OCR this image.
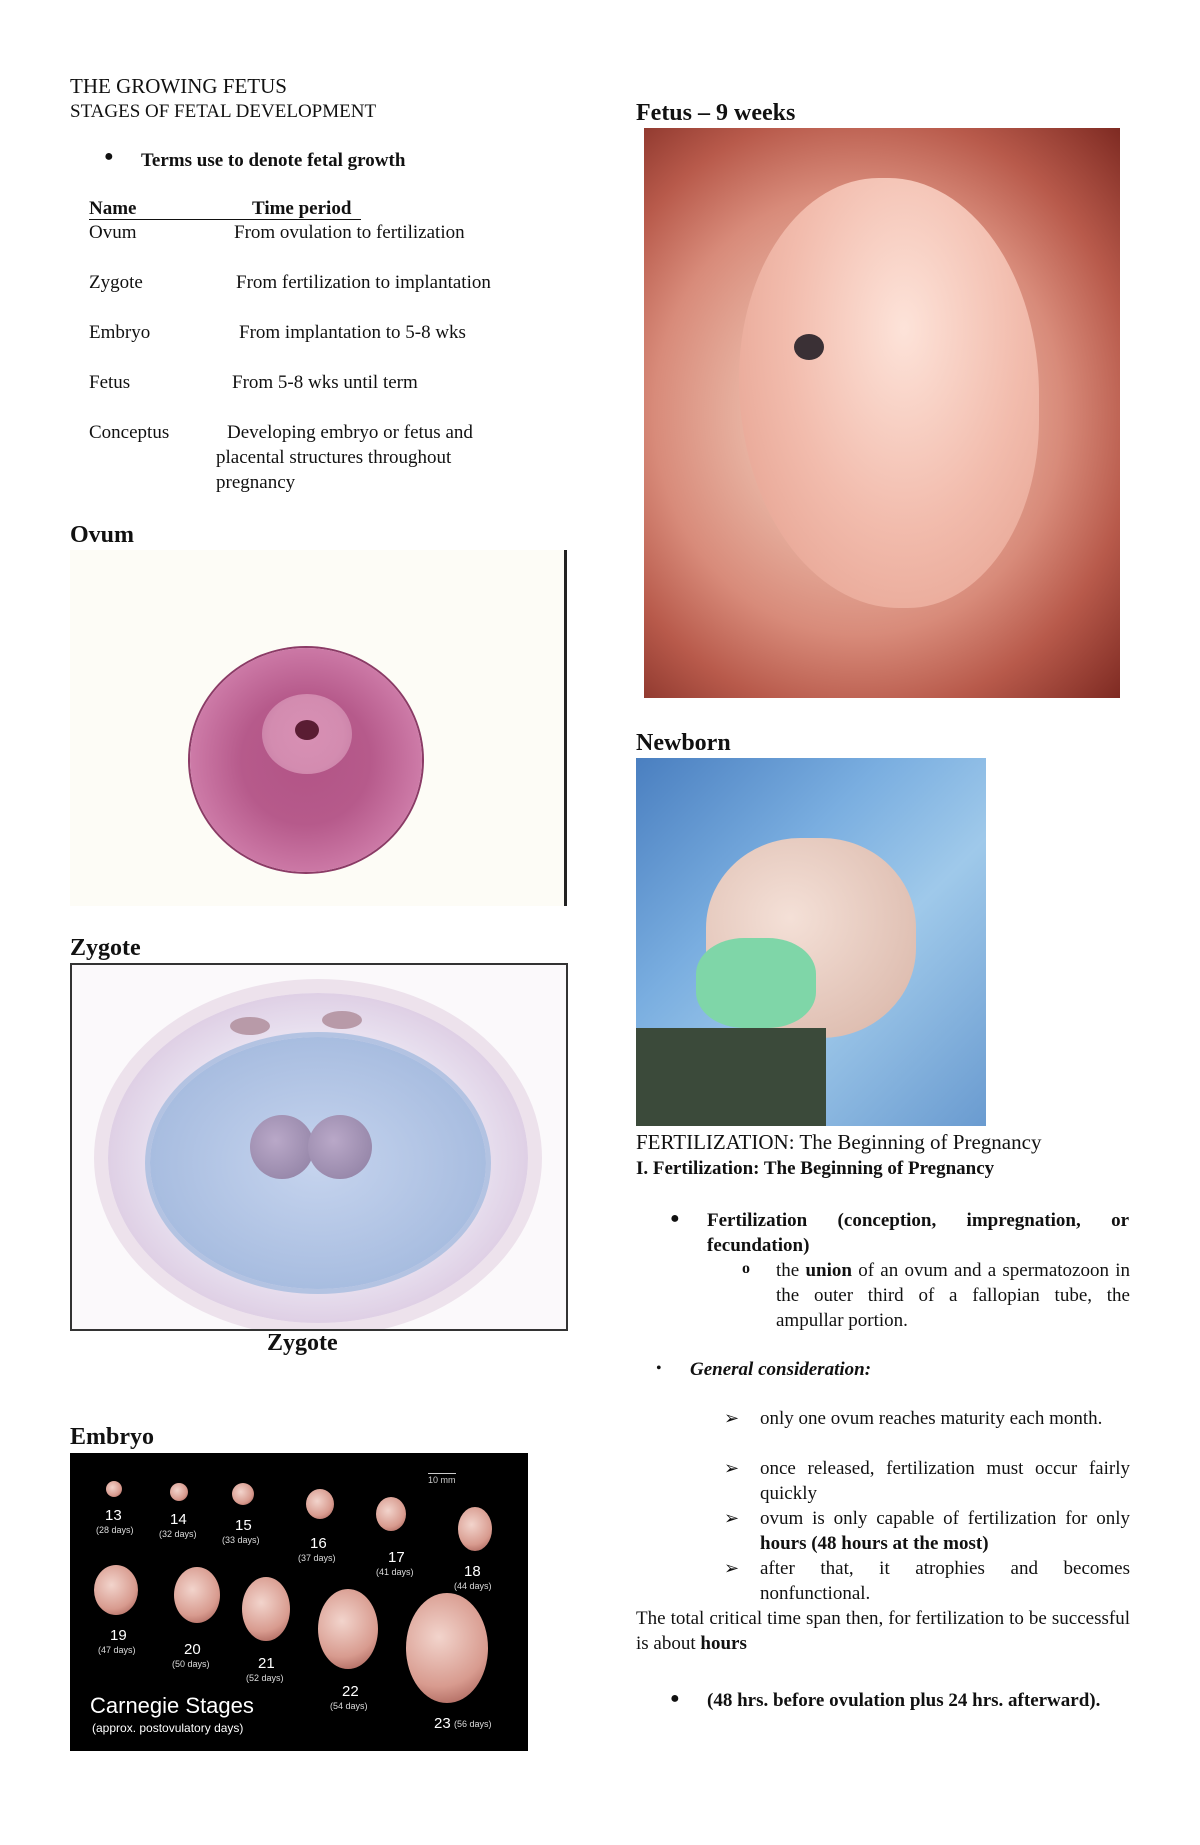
THE GROWING FETUS
STAGES OF FETAL DEVELOPMENT
● Terms use to denote fetal growth
Name	Time period
Ovum	From ovulation to fertilization
Zygote	From fertilization to implantation
Embryo	From implantation to 5-8 wks
Fetus	From 5-8 wks until term
Conceptus	Developing embryo or fetus and
placental structures throughout
pregnancy
Ovum
Zygote
Zygote
Embryo
10 mm
13
(28 days)
14
(32 days)	15
(33 days)	16
(37 days)	17
(41 days)	18
(44 days)
19
(47 days)	20
(50 days)	21
(52 days)
22
(54 days)
23 (56 days)
Carnegie Stages
(approx. postovulatory days)
Fetus – 9 weeks
Newborn
FERTILIZATION: The Beginning of Pregnancy
I. Fertilization: The Beginning of Pregnancy
● Fertilization (conception, impregnation, or fecundation)
o the union of an ovum and a spermatozoon in the outer third of a fallopian tube, the ampullar portion.
• General consideration:
➢ only one ovum reaches maturity each month.
➢ once released, fertilization must occur fairly quickly
➢ ovum is only capable of fertilization for only hours (48 hours at the most)
➢ after that, it atrophies and becomes nonfunctional.
The total critical time span then, for fertilization to be successful is about hours
● (48 hrs. before ovulation plus 24 hrs. afterward).
